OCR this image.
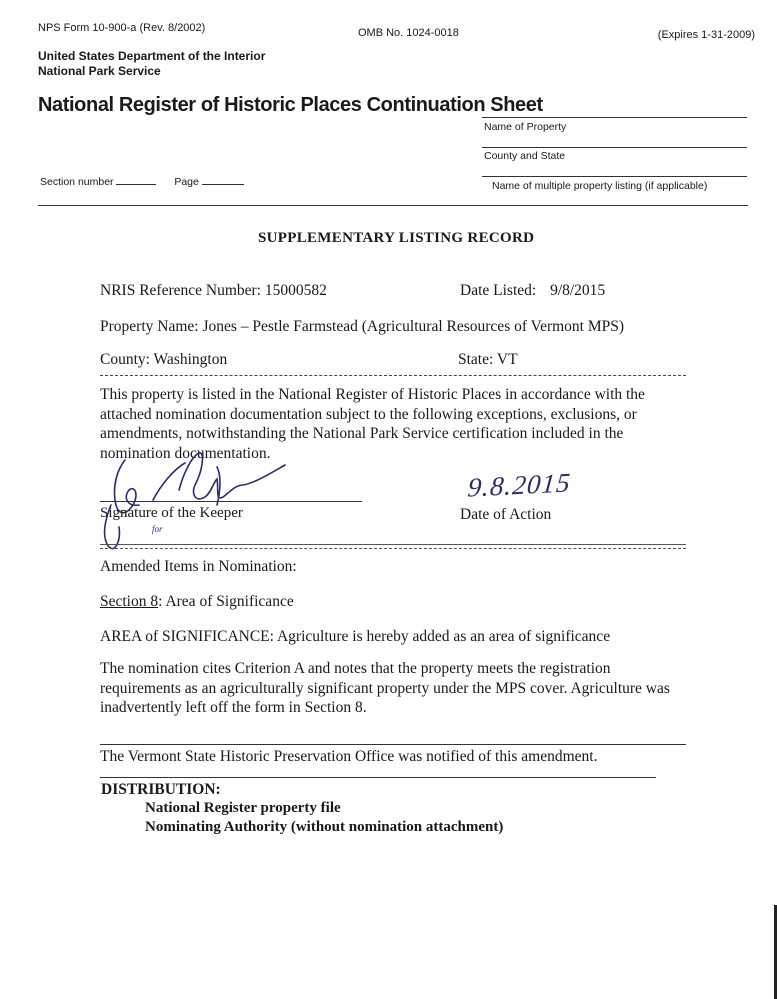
NPS Form 10-900-a (Rev. 8/2002)	OMB No. 1024-0018	(Expires 1-31-2009)
United States Department of the Interior
National Park Service
National Register of Historic Places Continuation Sheet
Name of Property
County and State
Name of multiple property listing (if applicable)
Section number	Page
SUPPLEMENTARY LISTING RECORD
NRIS Reference Number: 15000582	Date Listed: 9/8/2015
Property Name: Jones – Pestle Farmstead (Agricultural Resources of Vermont MPS)
County: Washington	State: VT
This property is listed in the National Register of Historic Places in accordance with the attached nomination documentation subject to the following exceptions, exclusions, or amendments, notwithstanding the National Park Service certification included in the nomination documentation.
Signature of the Keeper
for
9.8.2015
Date of Action
Amended Items in Nomination:
Section 8: Area of Significance
AREA of SIGNIFICANCE: Agriculture is hereby added as an area of significance
The nomination cites Criterion A and notes that the property meets the registration requirements as an agriculturally significant property under the MPS cover. Agriculture was inadvertently left off the form in Section 8.
The Vermont State Historic Preservation Office was notified of this amendment.
DISTRIBUTION:
National Register property file
Nominating Authority (without nomination attachment)
